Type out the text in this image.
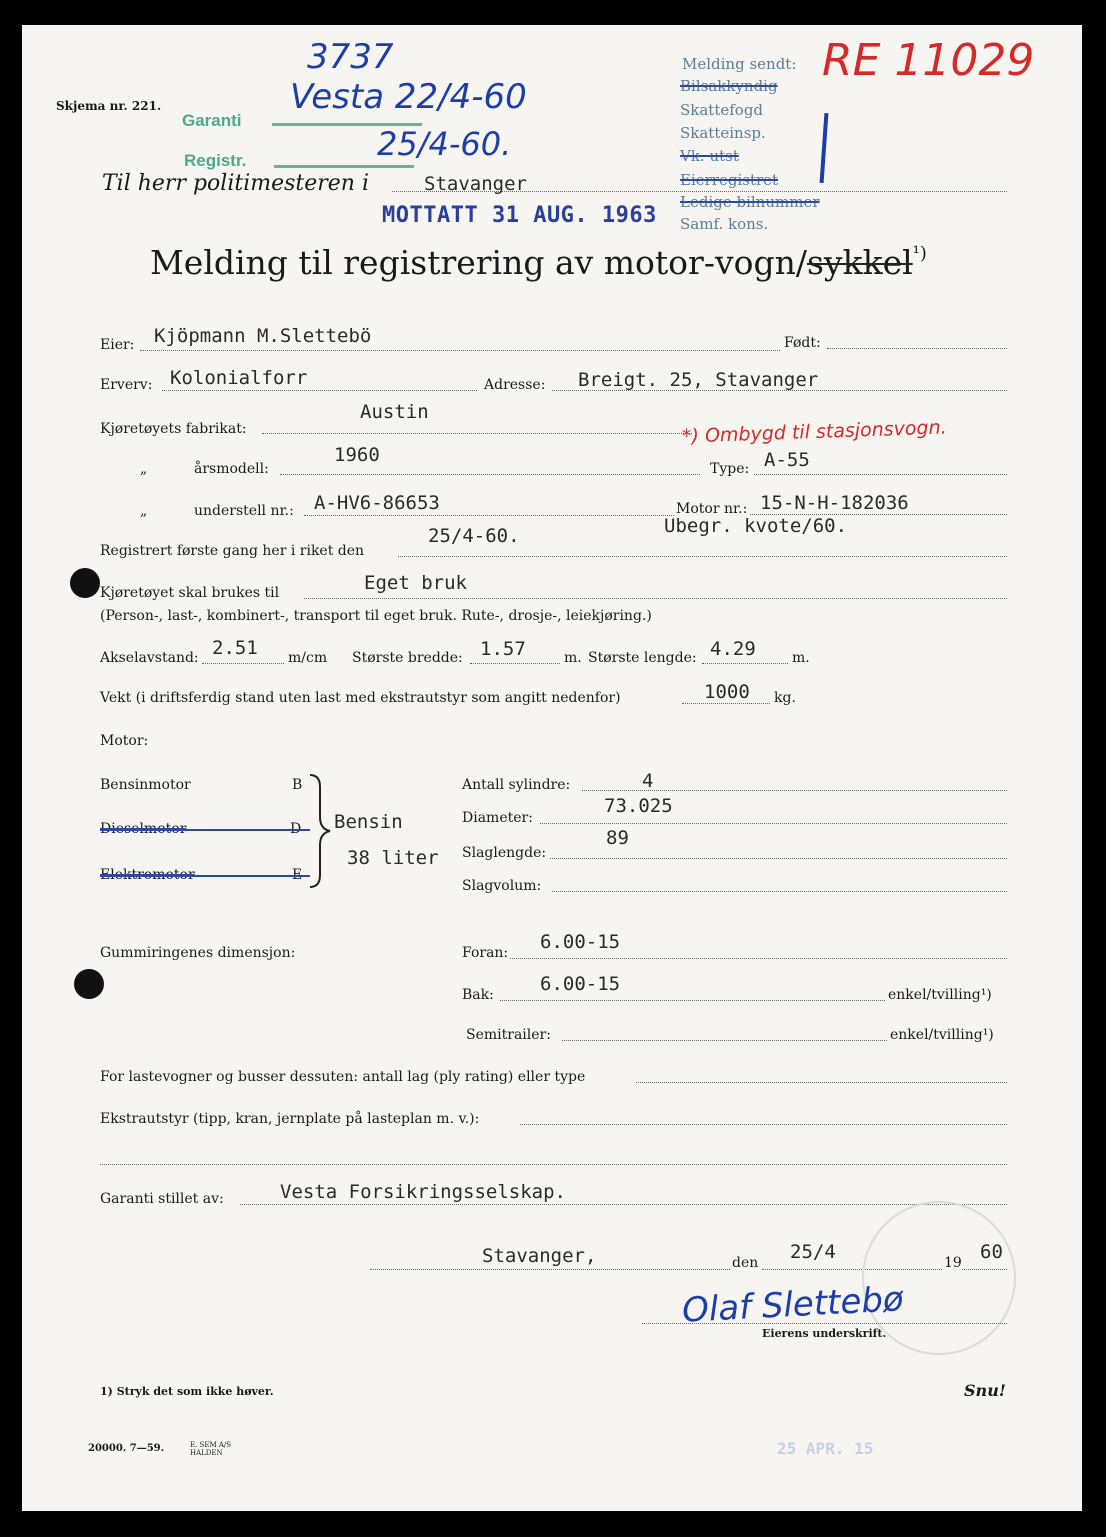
Skjema nr. 221.
Garanti
Registr.
3737
Vesta 22/4-60
25/4-60.
RE 11029
Melding sendt:
Bilsakkyndig
Skattefogd
Skatteinsp.
Vk. utst
Eierregistret
Ledige bilnummer
Samf. kons.
Til herr politimesteren i	Stavanger
MOTTATT 31 AUG. 1963
Melding til registrering av motor-vogn/sykkel$^{^1)}$
Eier: Kjöpmann M.Slettebö	Født:
Erverv: Kolonialforr	Adresse: Breigt. 25, Stavanger
Kjøretøyets fabrikat:
Austin
*) Ombygd til stasjonsvogn.
„	årsmodell:
1960
Type: A-55
„	understell nr.: A-HV6-86653	Motor nr.: 15-N-H-182036
Ubegr. kvote/60.
Registrert første gang her i riket den
25/4-60.
Kjøretøyet skal brukes til	Eget bruk
(Person-, last-, kombinert-, transport til eget bruk. Rute-, drosje-, leiekjøring.)
Akselavstand: 2.51 m/cm Største bredde: 1.57	m. Største lengde: 4.29	m.
Vekt (i driftsferdig stand uten last med ekstrautstyr som angitt nedenfor)	1000 kg.
Motor:
Bensinmotor	B
Dieselmotor	D
Elektromotor	E
Bensin
38 liter
Antall sylindre:	4
Diameter:
73.025
Slaglengde:
89
Slagvolum:
Gummiringenes dimensjon:	Foran: 6.00-15
Bak: 6.00-15	enkel/tvilling¹)
Semitrailer:	enkel/tvilling¹)
For lastevogner og busser dessuten: antall lag (ply rating) eller type
Ekstrautstyr (tipp, kran, jernplate på lasteplan m. v.):
Garanti stillet av:	Vesta Forsikringsselskap.
Stavanger,	den 25/4	19 60
Olaf Slettebø
Eierens underskrift.
1) Stryk det som ikke høver.	Snu!
20000. 7—59.	E. SEM A/S HALDEN	25 APR. 15
